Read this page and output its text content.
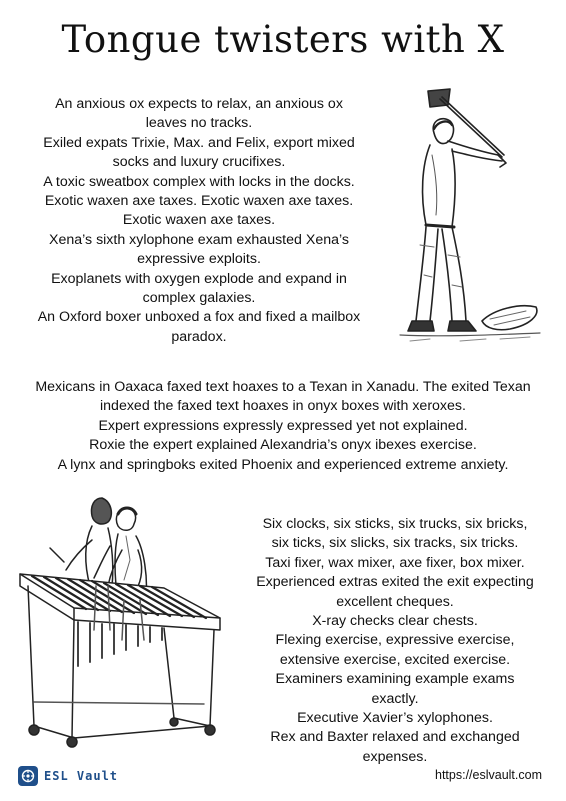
Tongue twisters with X
An anxious ox expects to relax, an anxious ox
leaves no tracks.
Exiled expats Trixie, Max. and Felix, export mixed
socks and luxury crucifixes.
A toxic sweatbox complex with locks in the docks.
Exotic waxen axe taxes. Exotic waxen axe taxes.
Exotic waxen axe taxes.
Xena’s sixth xylophone exam exhausted Xena’s
expressive exploits.
Exoplanets with oxygen explode and expand in
complex galaxies.
An Oxford boxer unboxed a fox and fixed a mailbox
paradox.
Mexicans in Oaxaca faxed text hoaxes to a Texan in Xanadu. The exited Texan
indexed the faxed text hoaxes in onyx boxes with xeroxes.
Expert expressions expressly expressed yet not explained.
Roxie the expert explained Alexandria’s onyx ibexes exercise.
A lynx and springboks exited Phoenix and experienced extreme anxiety.
Six clocks, six sticks, six trucks, six bricks,
six ticks, six slicks, six tracks, six tricks.
Taxi fixer, wax mixer, axe fixer, box mixer.
Experienced extras exited the exit expecting
excellent cheques.
X-ray checks clear chests.
Flexing exercise, expressive exercise,
extensive exercise, excited exercise.
Examiners examining example exams
exactly.
Executive Xavier’s xylophones.
Rex and Baxter relaxed and exchanged
expenses.
ESL Vault	https://eslvault.com
